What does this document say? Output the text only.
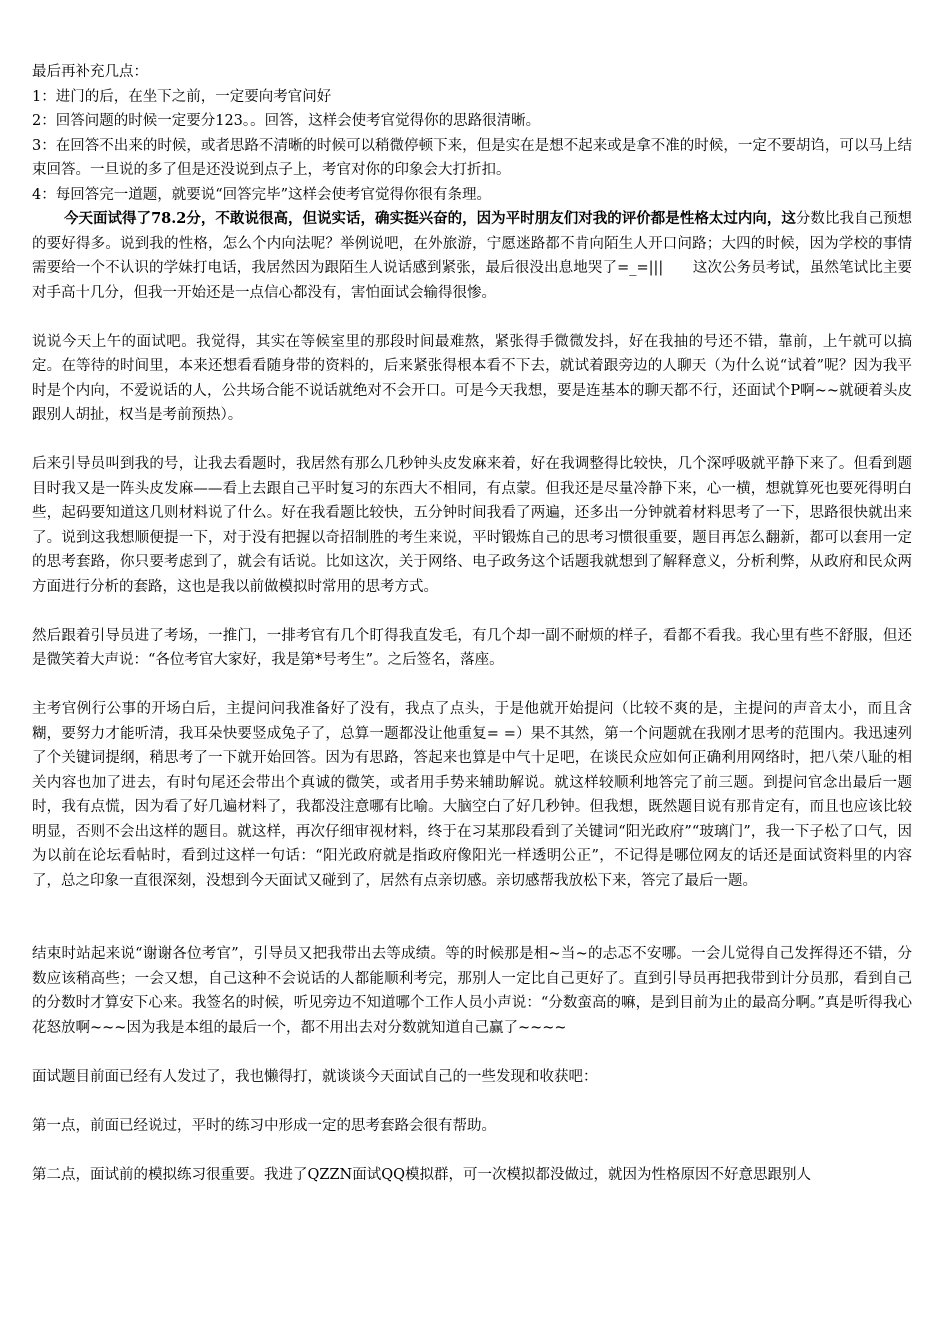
最后再补充几点：

1：进门的后，在坐下之前，一定要向考官问好

2：回答问题的时候一定要分123。。回答，这样会使考官觉得你的思路很清晰。

3：在回答不出来的时候，或者思路不清晰的时候可以稍微停顿下来，但是实在是想不起来或是拿不准的时候，一定不要胡诌，可以马上结束回答。一旦说的多了但是还没说到点子上，考官对你的印象会大打折扣。

4：每回答完一道题，就要说“回答完毕”这样会使考官觉得你很有条理。

今天面试得了78.2分，不敢说很高，但说实话，确实挺兴奋的，因为平时朋友们对我的评价都是性格太过内向，这分数比我自己预想的要好得多。说到我的性格，怎么个内向法呢？举例说吧，在外旅游，宁愿迷路都不肯向陌生人开口问路；大四的时候，因为学校的事情需要给一个不认识的学妹打电话，我居然因为跟陌生人说话感到紧张，最后很没出息地哭了=_=|||　　这次公务员考试，虽然笔试比主要对手高十几分，但我一开始还是一点信心都没有，害怕面试会输得很惨。

说说今天上午的面试吧。我觉得，其实在等候室里的那段时间最难熬，紧张得手微微发抖，好在我抽的号还不错，靠前，上午就可以搞定。在等待的时间里，本来还想看看随身带的资料的，后来紧张得根本看不下去，就试着跟旁边的人聊天（为什么说“试着”呢？因为我平时是个内向，不爱说话的人，公共场合能不说话就绝对不会开口。可是今天我想，要是连基本的聊天都不行，还面试个P啊~~就硬着头皮跟别人胡扯，权当是考前预热）。

后来引导员叫到我的号，让我去看题时，我居然有那么几秒钟头皮发麻来着，好在我调整得比较快，几个深呼吸就平静下来了。但看到题目时我又是一阵头皮发麻——看上去跟自己平时复习的东西大不相同，有点蒙。但我还是尽量冷静下来，心一横，想就算死也要死得明白些，起码要知道这几则材料说了什么。好在我看题比较快，五分钟时间我看了两遍，还多出一分钟就着材料思考了一下，思路很快就出来了。说到这我想顺便提一下，对于没有把握以奇招制胜的考生来说，平时锻炼自己的思考习惯很重要，题目再怎么翻新，都可以套用一定的思考套路，你只要考虑到了，就会有话说。比如这次，关于网络、电子政务这个话题我就想到了解释意义，分析利弊，从政府和民众两方面进行分析的套路，这也是我以前做模拟时常用的思考方式。

然后跟着引导员进了考场，一推门，一排考官有几个盯得我直发毛，有几个却一副不耐烦的样子，看都不看我。我心里有些不舒服，但还是微笑着大声说：“各位考官大家好，我是第*号考生”。之后签名，落座。

主考官例行公事的开场白后，主提问问我准备好了没有，我点了点头，于是他就开始提问（比较不爽的是，主提问的声音太小，而且含糊，要努力才能听清，我耳朵快要竖成兔子了，总算一题都没让他重复= =）果不其然，第一个问题就在我刚才思考的范围内。我迅速列了个关键词提纲，稍思考了一下就开始回答。因为有思路，答起来也算是中气十足吧，在谈民众应如何正确利用网络时，把八荣八耻的相关内容也加了进去，有时句尾还会带出个真诚的微笑，或者用手势来辅助解说。就这样较顺利地答完了前三题。到提问官念出最后一题时，我有点慌，因为看了好几遍材料了，我都没注意哪有比喻。大脑空白了好几秒钟。但我想，既然题目说有那肯定有，而且也应该比较明显，否则不会出这样的题目。就这样，再次仔细审视材料，终于在习某那段看到了关键词“阳光政府”“玻璃门”，我一下子松了口气，因为以前在论坛看帖时，看到过这样一句话：“阳光政府就是指政府像阳光一样透明公正”，不记得是哪位网友的话还是面试资料里的内容了，总之印象一直很深刻，没想到今天面试又碰到了，居然有点亲切感。亲切感帮我放松下来，答完了最后一题。

结束时站起来说“谢谢各位考官”，引导员又把我带出去等成绩。等的时候那是相~当~的忐忑不安哪。一会儿觉得自己发挥得还不错，分数应该稍高些；一会又想，自己这种不会说话的人都能顺利考完，那别人一定比自己更好了。直到引导员再把我带到计分员那，看到自己的分数时才算安下心来。我签名的时候，听见旁边不知道哪个工作人员小声说：“分数蛮高的嘛，是到目前为止的最高分啊。”真是听得我心花怒放啊~~~因为我是本组的最后一个，都不用出去对分数就知道自己赢了~~~~

面试题目前面已经有人发过了，我也懒得打，就谈谈今天面试自己的一些发现和收获吧：

第一点，前面已经说过，平时的练习中形成一定的思考套路会很有帮助。

第二点，面试前的模拟练习很重要。我进了QZZN面试QQ模拟群，可一次模拟都没做过，就因为性格原因不好意思跟别人
